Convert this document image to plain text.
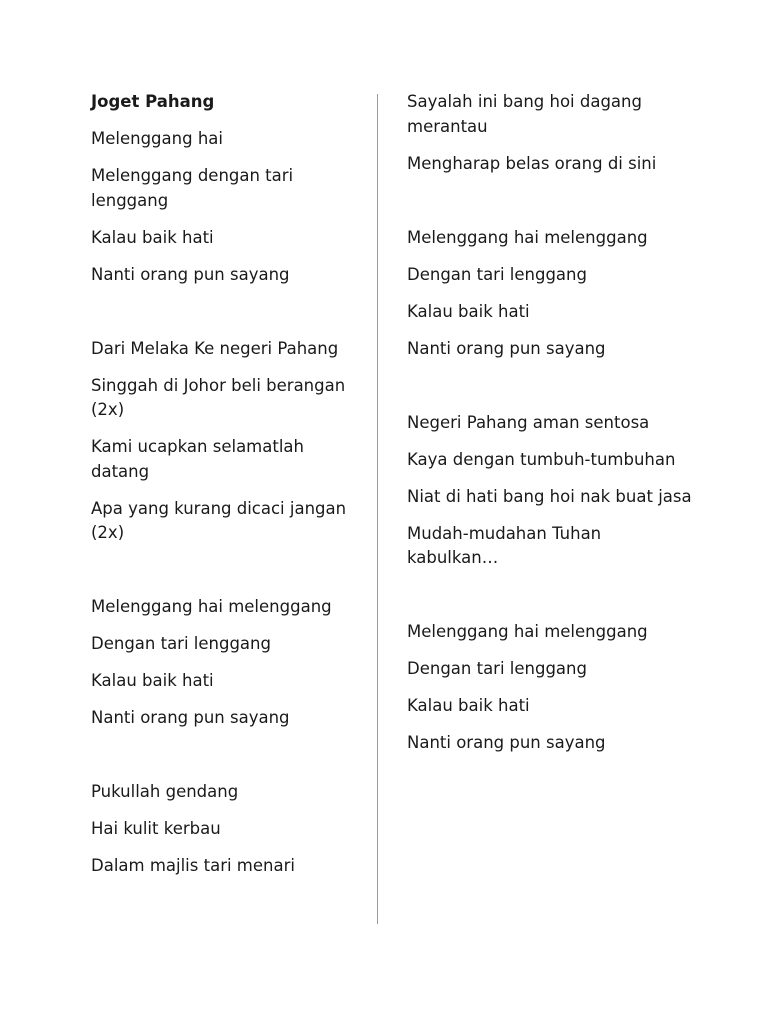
Joget Pahang
Melenggang hai
Melenggang dengan tari lenggang
Kalau baik hati
Nanti orang pun sayang
Dari Melaka Ke negeri Pahang
Singgah di Johor beli berangan (2x)
Kami ucapkan selamatlah datang
Apa yang kurang dicaci jangan (2x)
Melenggang hai melenggang
Dengan tari lenggang
Kalau baik hati
Nanti orang pun sayang
Pukullah gendang
Hai kulit kerbau
Dalam majlis tari menari
Sayalah ini bang hoi dagang merantau
Mengharap belas orang di sini
Melenggang hai melenggang
Dengan tari lenggang
Kalau baik hati
Nanti orang pun sayang
Negeri Pahang aman sentosa
Kaya dengan tumbuh-tumbuhan
Niat di hati bang hoi nak buat jasa
Mudah-mudahan Tuhan kabulkan…
Melenggang hai melenggang
Dengan tari lenggang
Kalau baik hati
Nanti orang pun sayang
